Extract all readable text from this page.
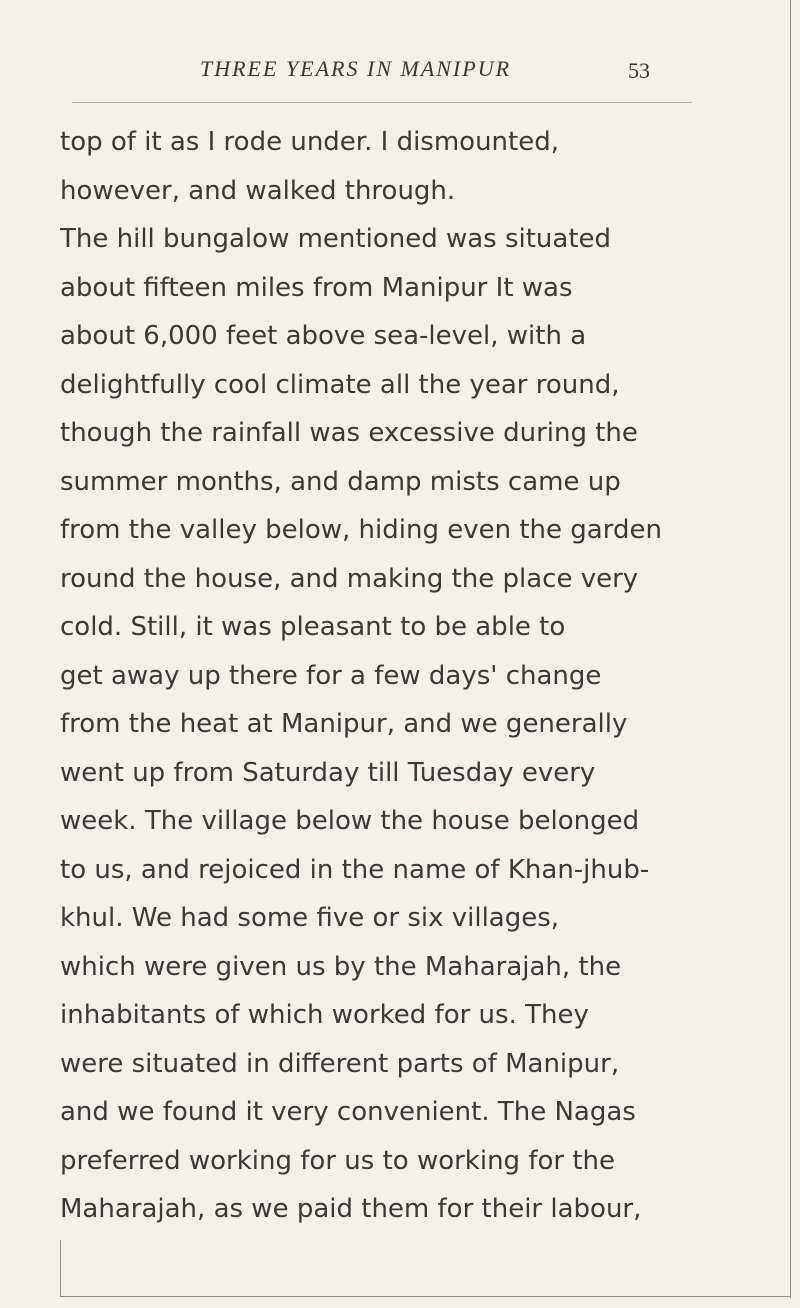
THREE YEARS IN MANIPUR	53
top of it as I rode under. I dismounted,
however, and walked through.
The hill bungalow mentioned was situated
about fifteen miles from Manipur It was
about 6,000 feet above sea-level, with a
delightfully cool climate all the year round,
though the rainfall was excessive during the
summer months, and damp mists came up
from the valley below, hiding even the garden
round the house, and making the place very
cold. Still, it was pleasant to be able to
get away up there for a few days' change
from the heat at Manipur, and we generally
went up from Saturday till Tuesday every
week. The village below the house belonged
to us, and rejoiced in the name of Khan-jhub-
khul. We had some five or six villages,
which were given us by the Maharajah, the
inhabitants of which worked for us. They
were situated in different parts of Manipur,
and we found it very convenient. The Nagas
preferred working for us to working for the
Maharajah, as we paid them for their labour,
